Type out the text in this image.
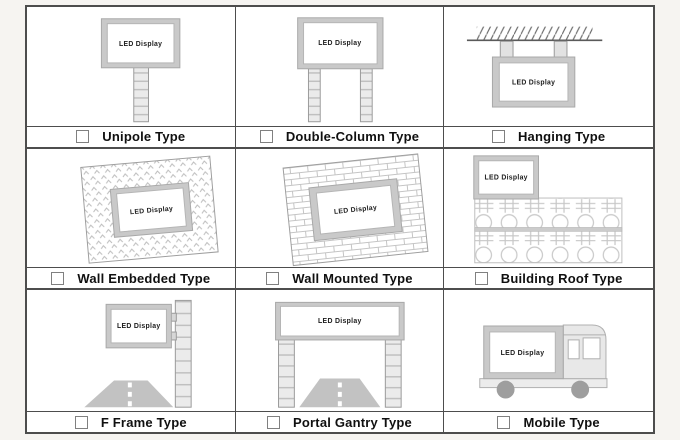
LED Display
Unipole Type
LED Display
Double-Column Type
LED Display
Hanging Type
LED Display
Wall Embedded Type
LED Display
Wall Mounted Type
LED Display
Building Roof Type
LED Display
F Frame Type
LED Display
Portal Gantry Type
LED Display
Mobile Type
